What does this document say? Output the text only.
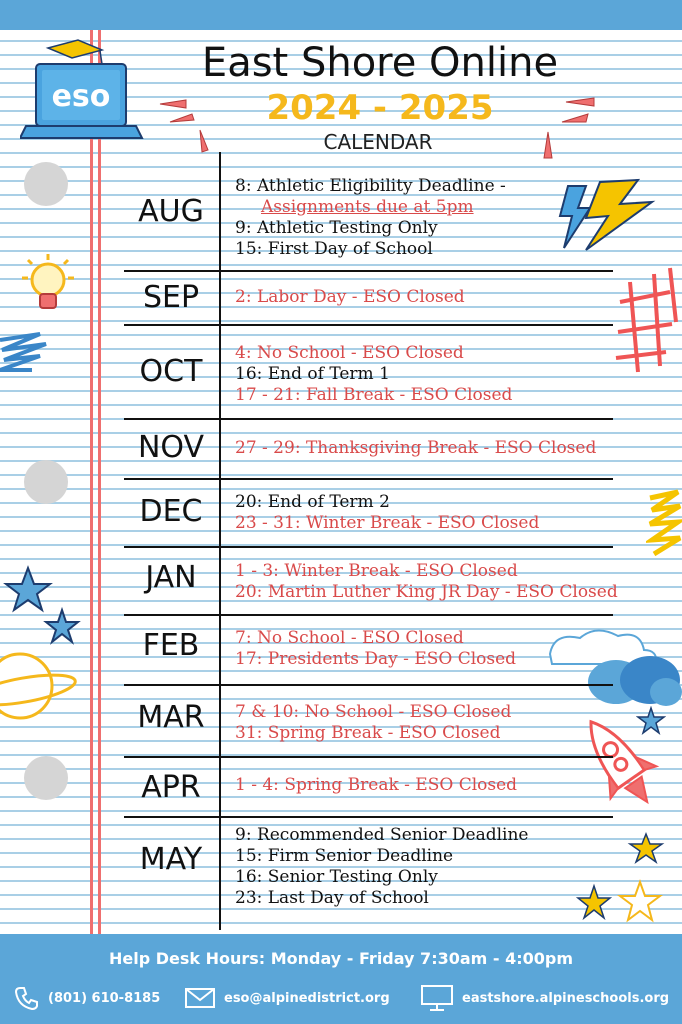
eso
East Shore Online
2024 - 2025
CALENDAR
AUG
SEP
OCT
NOV
DEC
JAN
FEB
MAR
APR
MAY
8: Athletic Eligibility Deadline -
Assignments due at 5pm
9: Athletic Testing Only
15: First Day of School
2: Labor Day - ESO Closed
4: No School - ESO Closed
16: End of Term 1
17 - 21: Fall Break - ESO Closed
27 - 29: Thanksgiving Break - ESO Closed
20: End of Term 2
23 - 31: Winter Break - ESO Closed
1 - 3: Winter Break - ESO Closed
20: Martin Luther King JR Day - ESO Closed
7: No School - ESO Closed
17: Presidents Day - ESO Closed
7 & 10: No School - ESO Closed
31: Spring Break - ESO Closed
1 - 4: Spring Break - ESO Closed
9: Recommended Senior Deadline
15: Firm Senior Deadline
16: Senior Testing Only
23: Last Day of School
Help Desk Hours: Monday - Friday 7:30am - 4:00pm
(801) 610-8185	eso@alpinedistrict.org	eastshore.alpineschools.org
